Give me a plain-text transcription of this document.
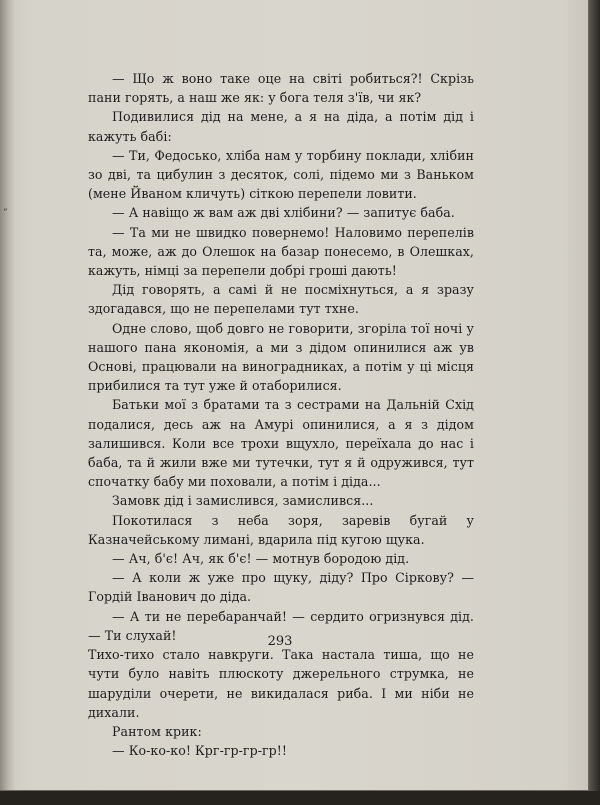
“

— Що ж воно таке оце на світі робиться?! Скрізь пани горять, а наш же як: у бога теля з'їв, чи як?

Подивилися дід на мене, а я на діда, а потім дід і кажуть бабі:

— Ти, Федосько, хліба нам у торбину поклади, хлібин зо дві, та цибулин з десяток, солі, підемо ми з Ваньком (мене Йваном кличуть) сіткою перепели ловити.

— А навіщо ж вам аж дві хлібини? — запитує баба.

— Та ми не швидко повернемо! Наловимо перепелів та, може, аж до Олешок на базар понесемо, в Олешках, кажуть, німці за перепели добрі гроші дають!

Дід говорять, а самі й не посміхнуться, а я зразу здогадався, що не перепелами тут тхне.

Одне слово, щоб довго не говорити, згоріла тої ночі у нашого пана якономія, а ми з дідом опинилися аж ув Основі, працювали на виноградниках, а потім у ці місця прибилися та тут уже й отаборилися.

Батьки мої з братами та з сестрами на Дальній Схід подалися, десь аж на Амурі опинилися, а я з дідом залишився. Коли все трохи вщухло, переїхала до нас і баба, та й жили вже ми тутечки, тут я й одружився, тут спочатку бабу ми поховали, а потім і діда...

Замовк дід і замислився, замислився...

Покотилася з неба зоря, заревів бугай у Казначейському лимані, вдарила під кугою щука.

— Ач, б'є! Ач, як б'є! — мотнув бородою дід.

— А коли ж уже про щуку, діду? Про Сіркову? — Гордій Іванович до діда.

— А ти не перебаранчай! — сердито огризнувся дід.— Ти слухай!

Тихо-тихо стало навкруги. Така настала тиша, що не чути було навіть плюскоту джерельного струмка, не шаруділи очерети, не викидалася риба. І ми ніби не дихали.

Рантом крик:

— Ко-ко-ко! Крг-гр-гр-гр!!

293
